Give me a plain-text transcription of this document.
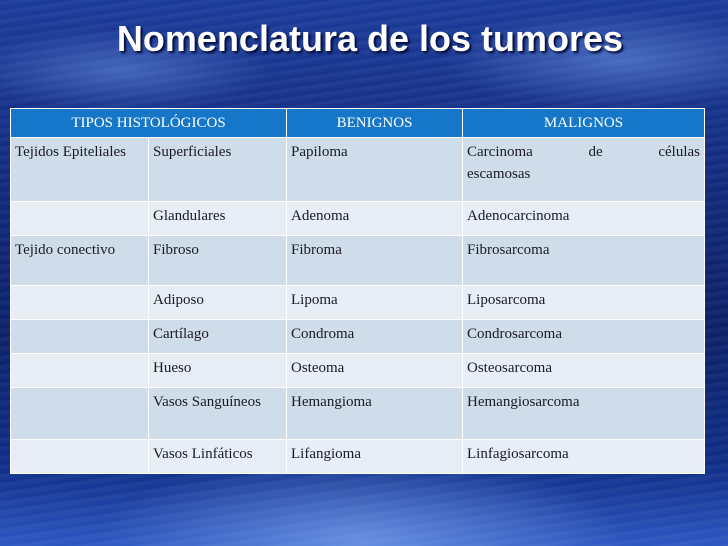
Nomenclatura de los tumores
TIPOS HISTOLÓGICOS		BENIGNOS	MALIGNOS
Tejidos Epiteliales	Superficiales	Papiloma	Carcinoma de células
escamosas

	Glandulares	Adenoma	Adenocarcinoma
Tejido conectivo	Fibroso	Fibroma	Fibrosarcoma
	Adiposo	Lipoma	Liposarcoma
	Cartílago	Condroma	Condrosarcoma
	Hueso	Osteoma	Osteosarcoma
	Vasos Sanguíneos	Hemangioma	Hemangiosarcoma
	Vasos Linfáticos	Lifangioma	Linfagiosarcoma
